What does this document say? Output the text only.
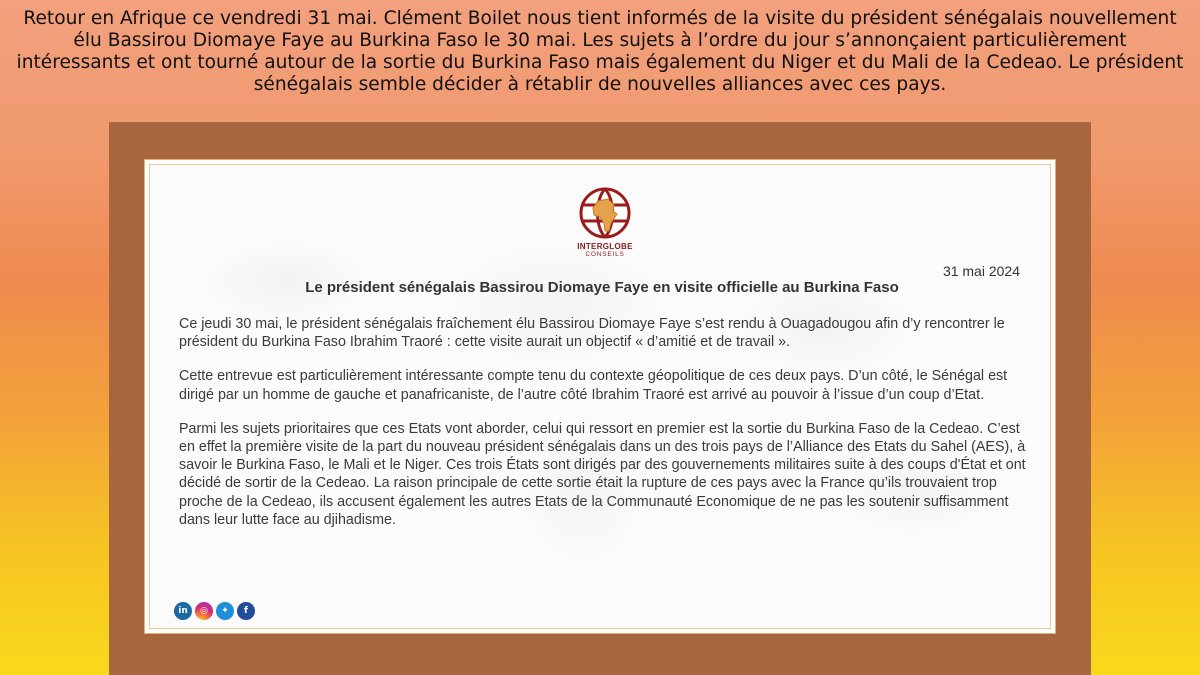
Retour en Afrique ce vendredi 31 mai. Clément Boilet nous tient informés de la visite du président sénégalais nouvellement élu Bassirou Diomaye Faye au Burkina Faso le 30 mai. Les sujets à l’ordre du jour s’annonçaient particulièrement intéressants et ont tourné autour de la sortie du Burkina Faso mais également du Niger et du Mali de la Cedeao. Le président sénégalais semble décider à rétablir de nouvelles alliances avec ces pays.
INTERGLOBE
CONSEILS
31 mai 2024
Le président sénégalais Bassirou Diomaye Faye en visite officielle au Burkina Faso

Ce jeudi 30 mai, le président sénégalais fraîchement élu Bassirou Diomaye Faye s’est rendu à Ouagadougou afin d’y rencontrer le président du Burkina Faso Ibrahim Traoré : cette visite aurait un objectif « d’amitié et de travail ».

Cette entrevue est particulièrement intéressante compte tenu du contexte géopolitique de ces deux pays. D’un côté, le Sénégal est dirigé par un homme de gauche et panafricaniste, de l’autre côté Ibrahim Traoré est arrivé au pouvoir à l’issue d’un coup d’Etat.

Parmi les sujets prioritaires que ces Etats vont aborder, celui qui ressort en premier est la sortie du Burkina Faso de la Cedeao. C’est en effet la première visite de la part du nouveau président sénégalais dans un des trois pays de l’Alliance des Etats du Sahel (AES), à savoir le Burkina Faso, le Mali et le Niger. Ces trois États sont dirigés par des gouvernements militaires suite à des coups d'État et ont décidé de sortir de la Cedeao. La raison principale de cette sortie était la rupture de ces pays avec la France qu’ils trouvaient trop proche de la Cedeao, ils accusent également les autres Etats de la Communauté Economique de ne pas les soutenir suffisamment dans leur lutte face au djihadisme.

in	◎	✦	f
